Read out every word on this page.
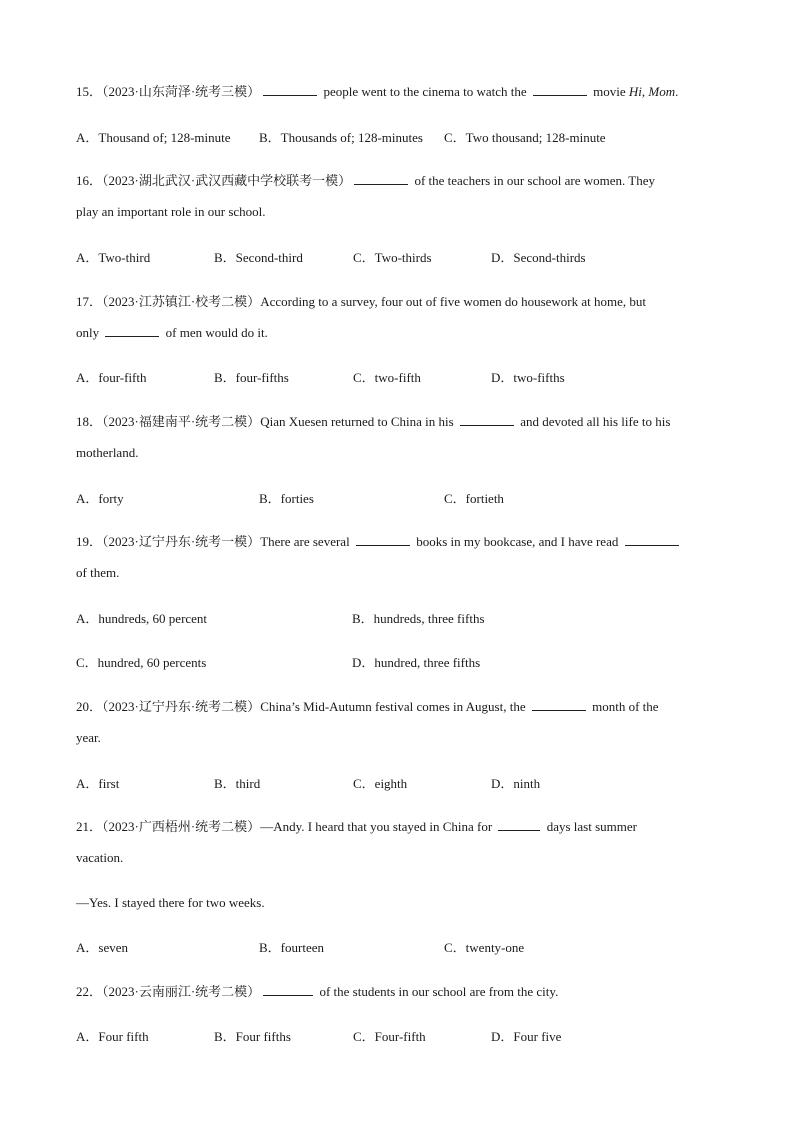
15．（2023·山东菏泽·统考三模）	people went to the cinema to watch the	movie Hi, Mom.

A．Thousand of; 128-minute B．Thousands of; 128-minutes C．Two thousand; 128-minute

16．（2023·湖北武汉·武汉西藏中学校联考一模）	of the teachers in our school are women. They
play an important role in our school.

A．Two-third	B．Second-third	C．Two-thirds	D．Second-thirds

17．（2023·江苏镇江·校考二模）According to a survey, four out of five women do housework at home, but
only	of men would do it.

A．four-fifth	B．four-fifths	C．two-fifth	D．two-fifths

18．（2023·福建南平·统考二模）Qian Xuesen returned to China in his	and devoted all his life to his
motherland.

A．forty	B．forties	C．fortieth

19．（2023·辽宁丹东·统考一模）There are several	books in my bookcase, and I have read
of them.

A．hundreds, 60 percent	B．hundreds, three fifths
C．hundred, 60 percents	D．hundred, three fifths

20．（2023·辽宁丹东·统考二模）China’s Mid-Autumn festival comes in August, the	month of the
year.

A．first	B．third	C．eighth	D．ninth

21．（2023·广西梧州·统考二模）—Andy. I heard that you stayed in China for	days last summer
vacation.

—Yes. I stayed there for two weeks.

A．seven	B．fourteen	C．twenty-one

22．（2023·云南丽江·统考二模）	of the students in our school are from the city.

A．Four fifth	B．Four fifths	C．Four-fifth	D．Four five
